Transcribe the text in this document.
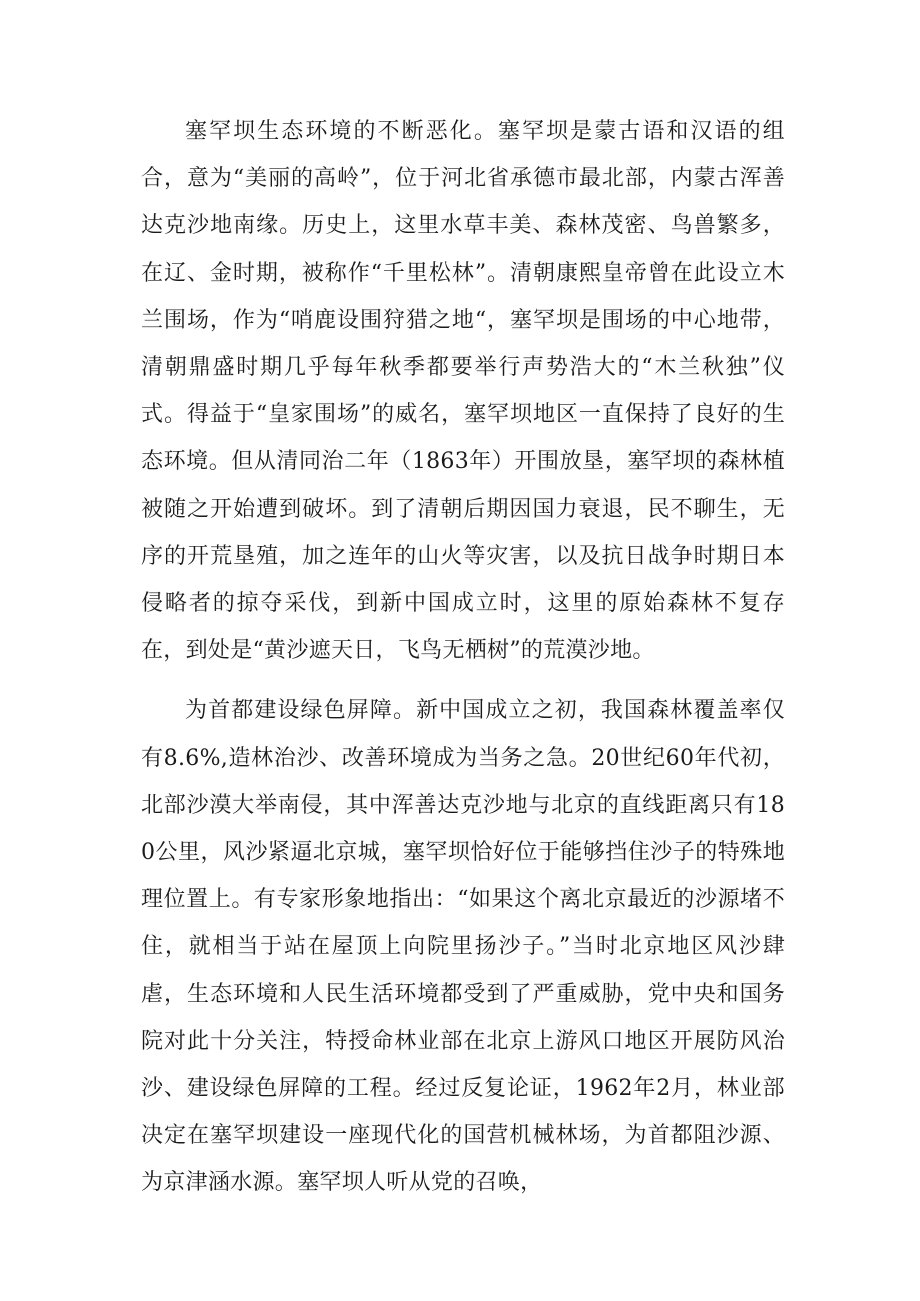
塞罕坝生态环境的不断恶化。塞罕坝是蒙古语和汉语的组合，意为“美丽的高岭”，位于河北省承德市最北部，内蒙古浑善达克沙地南缘。历史上，这里水草丰美、森林茂密、鸟兽繁多，在辽、金时期，被称作“千里松林”。清朝康熙皇帝曾在此设立木兰围场，作为“哨鹿设围狩猎之地“，塞罕坝是围场的中心地带，清朝鼎盛时期几乎每年秋季都要举行声势浩大的“木兰秋独”仪式。得益于“皇家围场”的威名，塞罕坝地区一直保持了良好的生态环境。但从清同治二年（1863年）开围放垦，塞罕坝的森林植被随之开始遭到破坏。到了清朝后期因国力衰退，民不聊生，无序的开荒垦殖，加之连年的山火等灾害，以及抗日战争时期日本侵略者的掠夺采伐，到新中国成立时，这里的原始森林不复存在，到处是“黄沙遮天日，飞鸟无栖树”的荒漠沙地。

为首都建设绿色屏障。新中国成立之初，我国森林覆盖率仅有8.6%,造林治沙、改善环境成为当务之急。20世纪60年代初，北部沙漠大举南侵，其中浑善达克沙地与北京的直线距离只有180公里，风沙紧逼北京城，塞罕坝恰好位于能够挡住沙子的特殊地理位置上。有专家形象地指出：“如果这个离北京最近的沙源堵不住，就相当于站在屋顶上向院里扬沙子。”当时北京地区风沙肆虐，生态环境和人民生活环境都受到了严重威胁，党中央和国务院对此十分关注，特授命林业部在北京上游风口地区开展防风治沙、建设绿色屏障的工程。经过反复论证，1962年2月，林业部决定在塞罕坝建设一座现代化的国营机械林场，为首都阻沙源、为京津涵水源。塞罕坝人听从党的召唤，
